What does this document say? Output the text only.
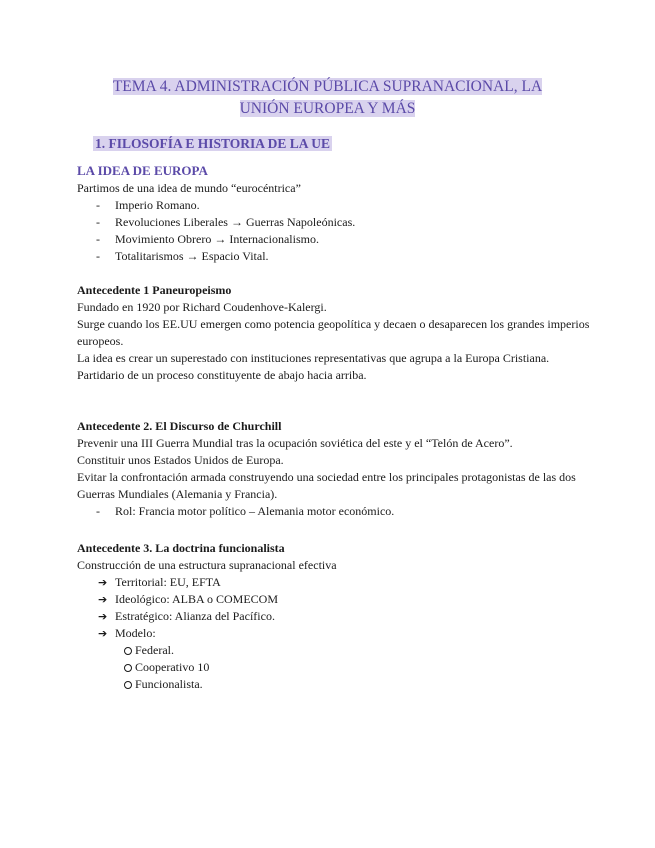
TEMA 4. ADMINISTRACIÓN PÚBLICA SUPRANACIONAL, LA
UNIÓN EUROPEA Y MÁS
1. FILOSOFÍA E HISTORIA DE LA UE
LA IDEA DE EUROPA

Partimos de una idea de mundo “eurocéntrica”

- Imperio Romano.

- Revoluciones Liberales → Guerras Napoleónicas.

- Movimiento Obrero → Internacionalismo.

- Totalitarismos → Espacio Vital.

Antecedente 1 Paneuropeismo

Fundado en 1920 por Richard Coudenhove-Kalergi.

Surge cuando los EE.UU emergen como potencia geopolítica y decaen o desaparecen los grandes imperios europeos.

La idea es crear un superestado con instituciones representativas que agrupa a la Europa Cristiana.

Partidario de un proceso constituyente de abajo hacia arriba.

Antecedente 2. El Discurso de Churchill

Prevenir una III Guerra Mundial tras la ocupación soviética del este y el “Telón de Acero”.

Constituir unos Estados Unidos de Europa.

Evitar la confrontación armada construyendo una sociedad entre los principales protagonistas de las dos Guerras Mundiales (Alemania y Francia).

- Rol: Francia motor político – Alemania motor económico.

Antecedente 3. La doctrina funcionalista

Construcción de una estructura supranacional efectiva

➔ Territorial: EU, EFTA

➔ Ideológico: ALBA o COMECOM

➔ Estratégico: Alianza del Pacífico.

➔ Modelo:

Federal.

Cooperativo 10

Funcionalista.
